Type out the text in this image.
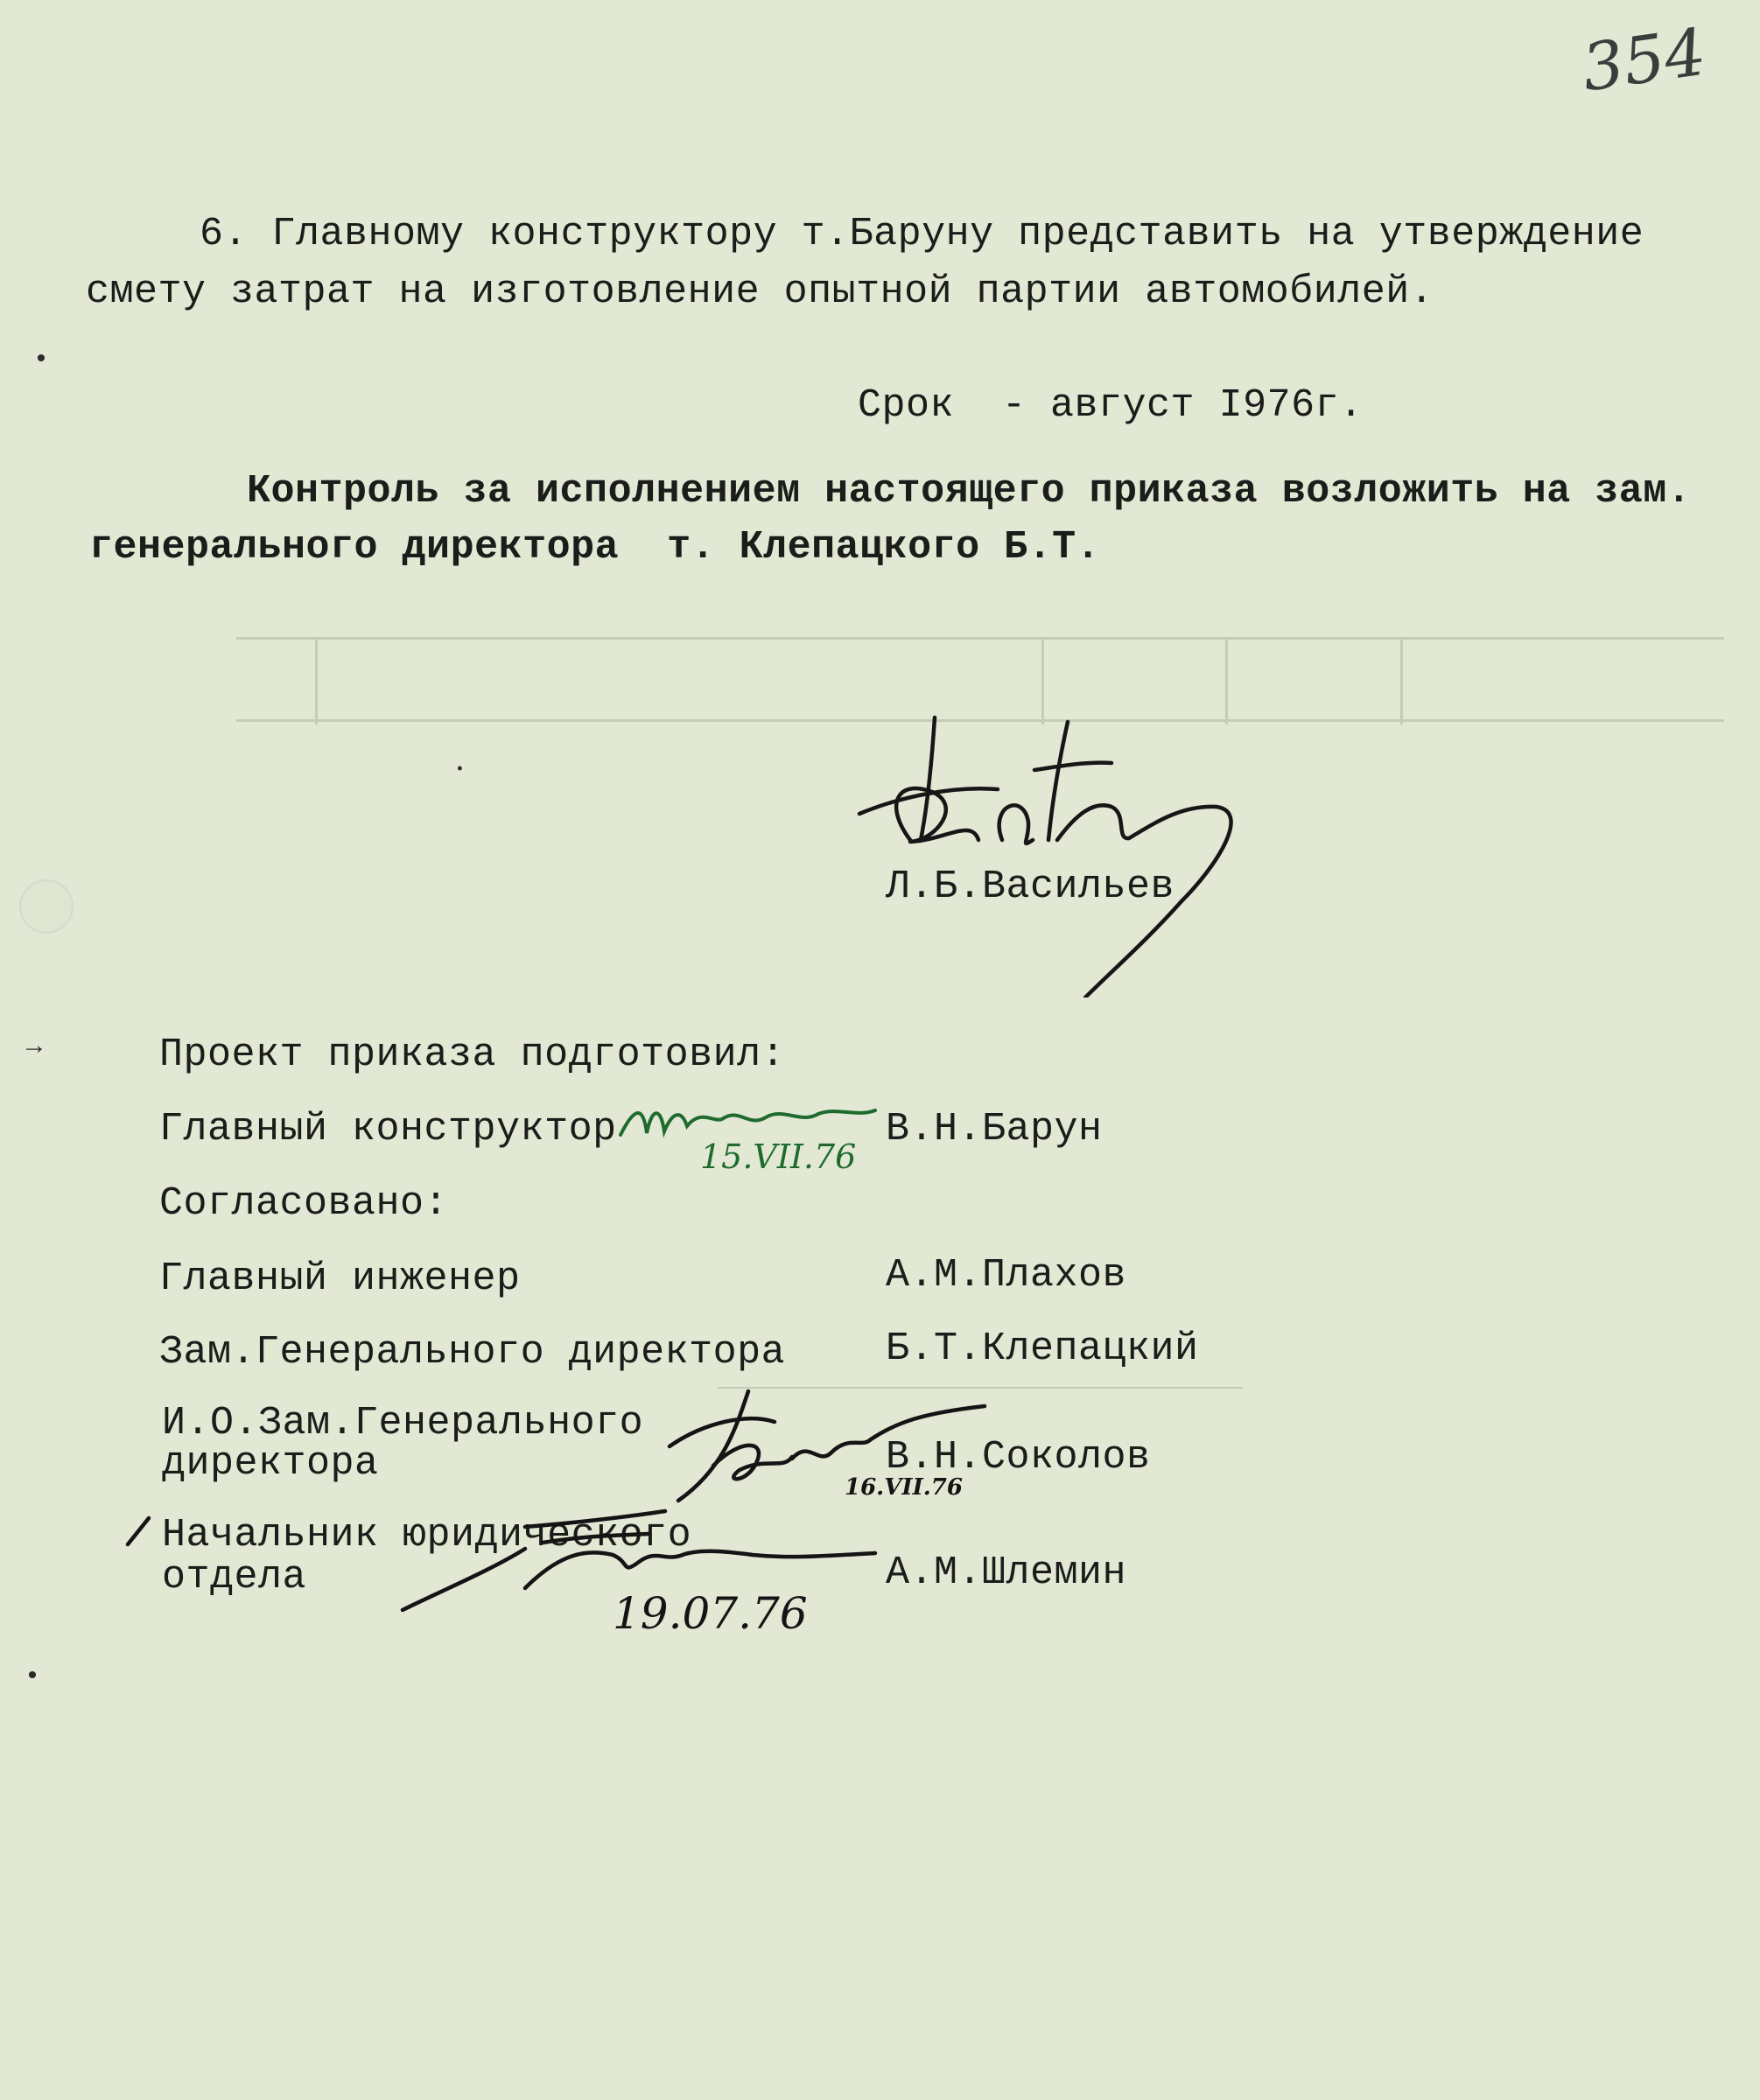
•
→
•
•
354
6. Главному конструктору т.Баруну представить на утверждение
смету затрат на изготовление опытной партии автомобилей.
Срок  - август I976г.
Контроль за исполнением настоящего приказа возложить на зам.
генерального директора  т. Клепацкого Б.Т.
Л.Б.Васильев
Проект приказа подготовил:
Главный конструктор
15.VII.76
В.Н.Барун
Согласовано:
Главный инженер	А.М.Плахов
Зам.Генерального директора	Б.Т.Клепацкий
И.О.Зам.Генерального
директора
16.VII.76
В.Н.Соколов
Начальник юридического
отдела
19.07.76
А.М.Шлемин
